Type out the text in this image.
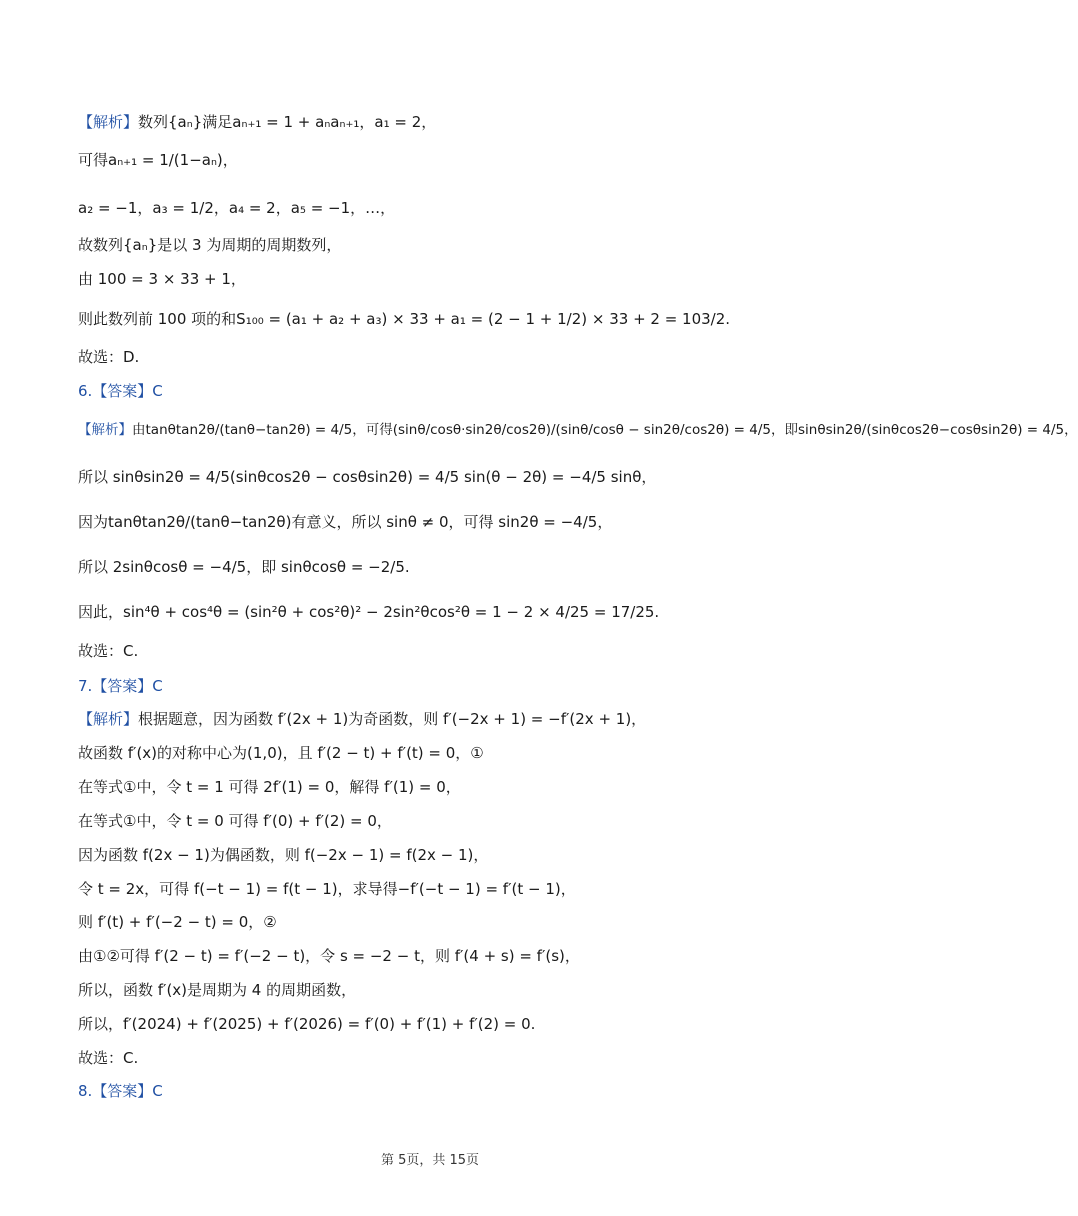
【解析】数列{aₙ}满足aₙ₊₁ = 1 + aₙaₙ₊₁，a₁ = 2，
可得aₙ₊₁ = 1/(1−aₙ)，
a₂ = −1，a₃ = 1/2，a₄ = 2，a₅ = −1，…，
故数列{aₙ}是以 3 为周期的周期数列，
由 100 = 3 × 33 + 1，
则此数列前 100 项的和S₁₀₀ = (a₁ + a₂ + a₃) × 33 + a₁ = (2 − 1 + 1/2) × 33 + 2 = 103/2.
故选：D.
6.【答案】C
【解析】由tanθtan2θ/(tanθ−tan2θ) = 4/5，可得(sinθ/cosθ·sin2θ/cos2θ)/(sinθ/cosθ − sin2θ/cos2θ) = 4/5，即sinθsin2θ/(sinθcos2θ−cosθsin2θ) = 4/5，
所以 sinθsin2θ = 4/5(sinθcos2θ − cosθsin2θ) = 4/5 sin(θ − 2θ) = −4/5 sinθ，
因为tanθtan2θ/(tanθ−tan2θ)有意义，所以 sinθ ≠ 0，可得 sin2θ = −4/5，
所以 2sinθcosθ = −4/5，即 sinθcosθ = −2/5.
因此，sin⁴θ + cos⁴θ = (sin²θ + cos²θ)² − 2sin²θcos²θ = 1 − 2 × 4/25 = 17/25.
故选：C.
7.【答案】C
【解析】根据题意，因为函数 f′(2x + 1)为奇函数，则 f′(−2x + 1) = −f′(2x + 1)，
故函数 f′(x)的对称中心为(1,0)，且 f′(2 − t) + f′(t) = 0，①
在等式①中，令 t = 1 可得 2f′(1) = 0，解得 f′(1) = 0，
在等式①中，令 t = 0 可得 f′(0) + f′(2) = 0，
因为函数 f(2x − 1)为偶函数，则 f(−2x − 1) = f(2x − 1)，
令 t = 2x，可得 f(−t − 1) = f(t − 1)，求导得−f′(−t − 1) = f′(t − 1)，
则 f′(t) + f′(−2 − t) = 0，②
由①②可得 f′(2 − t) = f′(−2 − t)，令 s = −2 − t，则 f′(4 + s) = f′(s)，
所以，函数 f′(x)是周期为 4 的周期函数，
所以，f′(2024) + f′(2025) + f′(2026) = f′(0) + f′(1) + f′(2) = 0.
故选：C.
8.【答案】C
第 5页，共 15页
